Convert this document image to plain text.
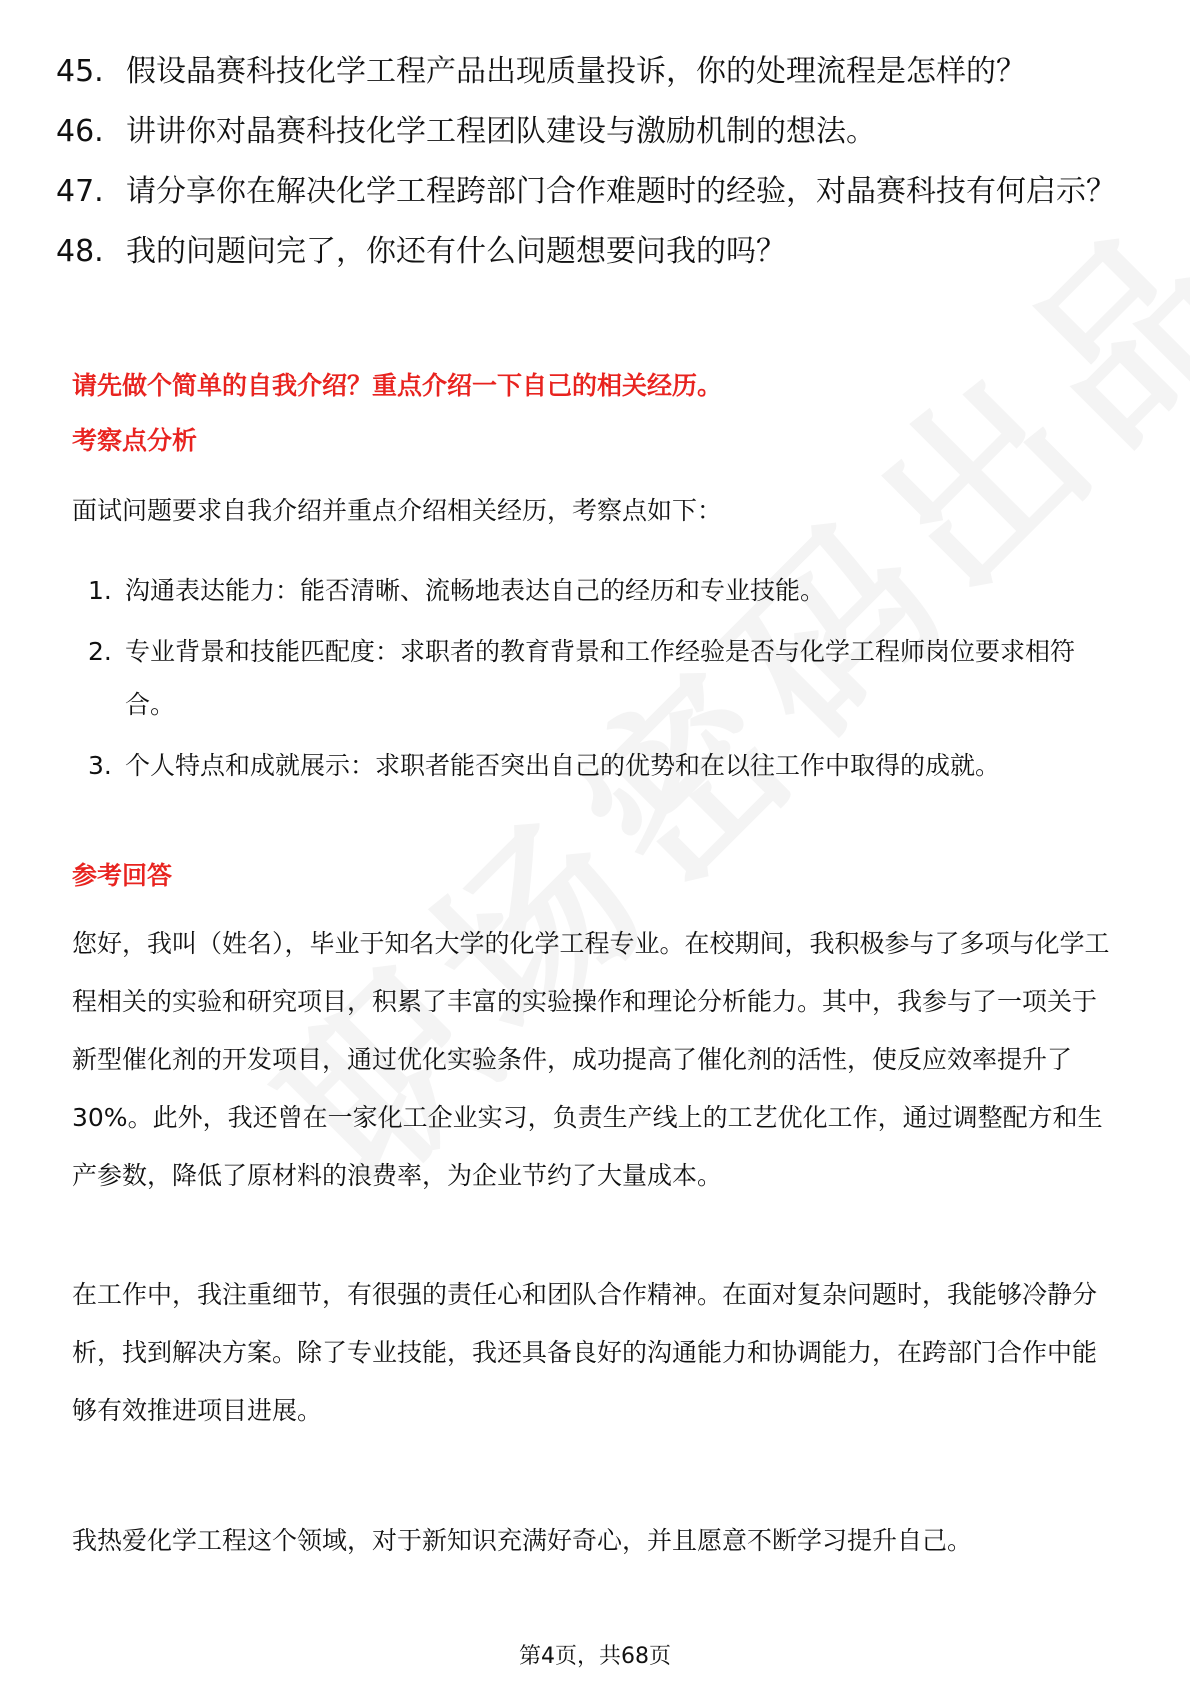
45. 假设晶赛科技化学工程产品出现质量投诉，你的处理流程是怎样的？
46. 讲讲你对晶赛科技化学工程团队建设与激励机制的想法。
47. 请分享你在解决化学工程跨部门合作难题时的经验，对晶赛科技有何启示？
48. 我的问题问完了，你还有什么问题想要问我的吗？
请先做个简单的自我介绍？重点介绍一下自己的相关经历。
考察点分析

面试问题要求自我介绍并重点介绍相关经历，考察点如下：

1. 沟通表达能力：能否清晰、流畅地表达自己的经历和专业技能。
2. 专业背景和技能匹配度：求职者的教育背景和工作经验是否与化学工程师岗位要求相符合。
3. 个人特点和成就展示：求职者能否突出自己的优势和在以往工作中取得的成就。
参考回答

您好，我叫（姓名），毕业于知名大学的化学工程专业。在校期间，我积极参与了多项与化学工程相关的实验和研究项目，积累了丰富的实验操作和理论分析能力。其中，我参与了一项关于新型催化剂的开发项目，通过优化实验条件，成功提高了催化剂的活性，使反应效率提升了30%。此外，我还曾在一家化工企业实习，负责生产线上的工艺优化工作，通过调整配方和生产参数，降低了原材料的浪费率，为企业节约了大量成本。

在工作中，我注重细节，有很强的责任心和团队合作精神。在面对复杂问题时，我能够冷静分析，找到解决方案。除了专业技能，我还具备良好的沟通能力和协调能力，在跨部门合作中能够有效推进项目进展。

我热爱化学工程这个领域，对于新知识充满好奇心，并且愿意不断学习提升自己。

第4页，共68页
